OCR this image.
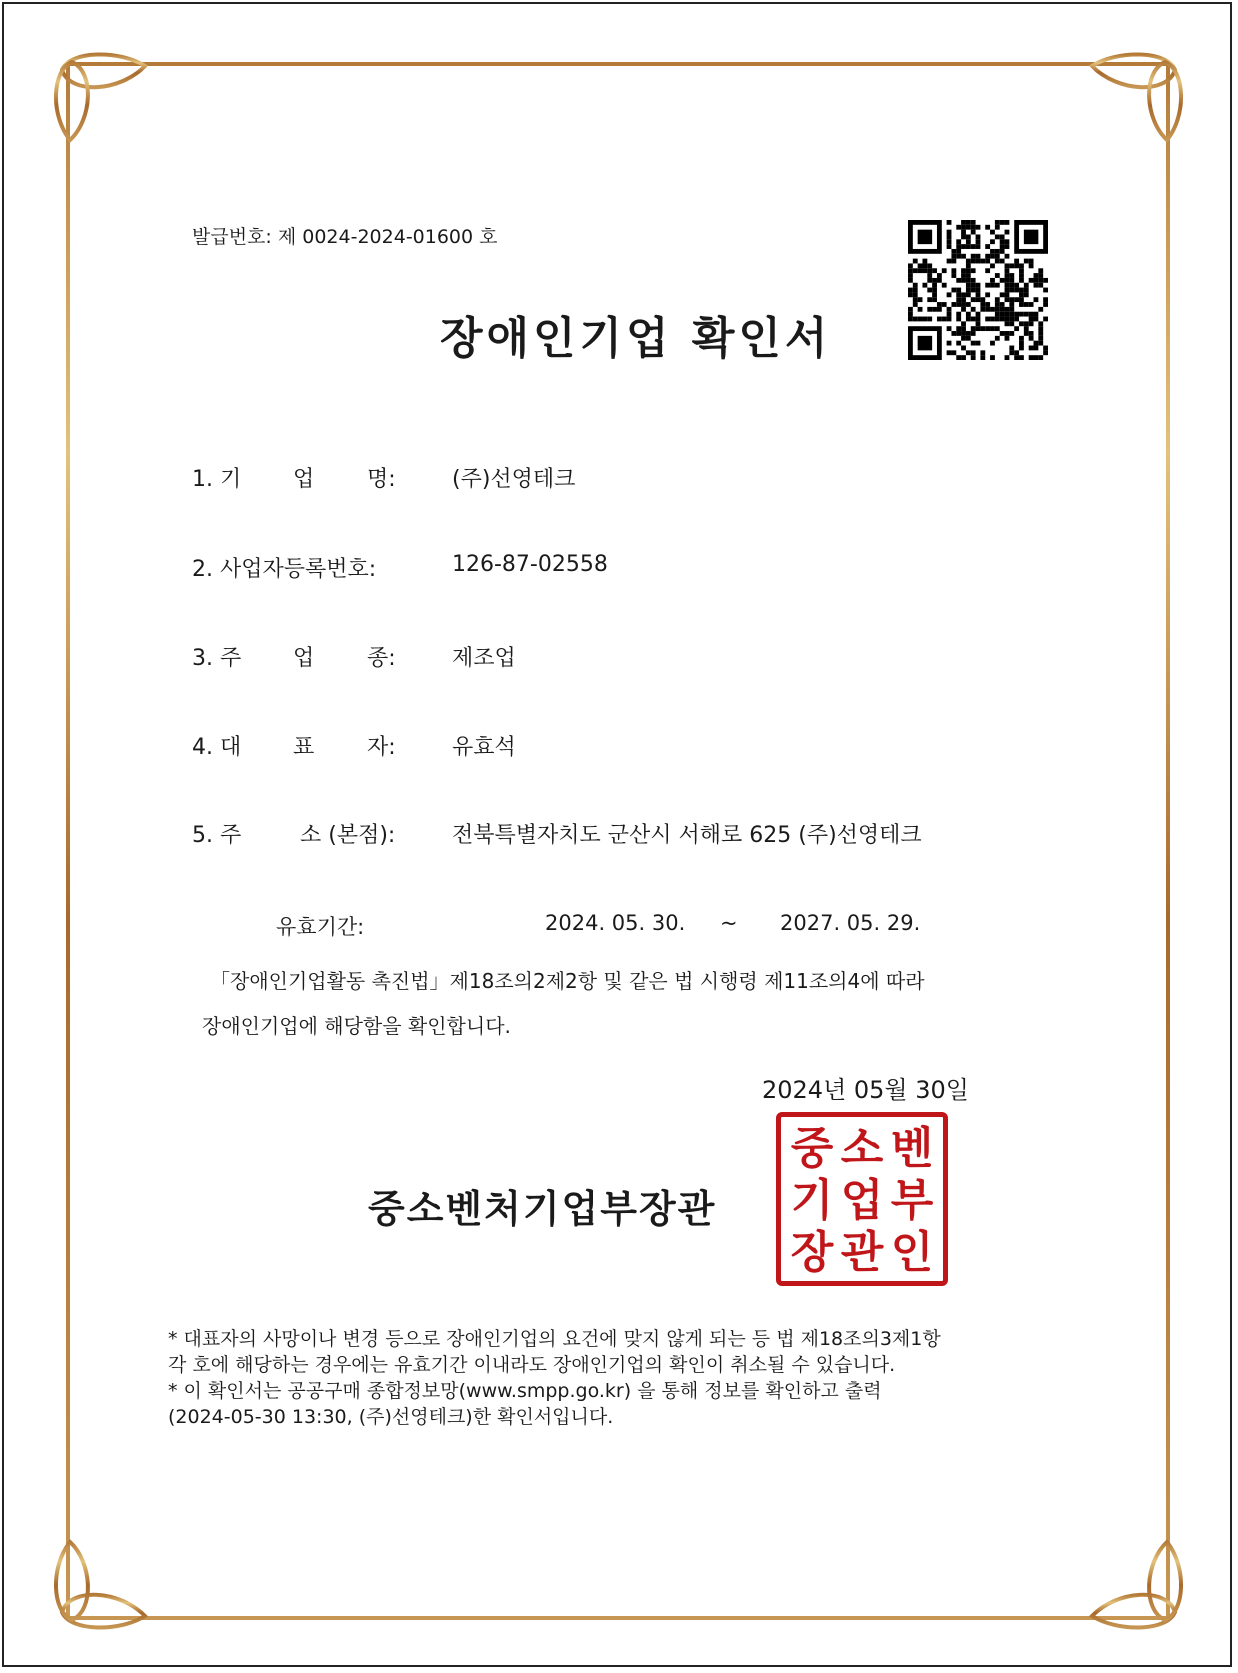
발급번호: 제 0024-2024-01600 호
장애인기업 확인서
1. 기 업 명:	(주)선영테크
2. 사업자등록번호:	126-87-02558
3. 주 업 종:	제조업
4. 대 표 자:	유효석
5. 주	소 (본점):	전북특별자치도 군산시 서해로 625 (주)선영테크
유효기간:	2024. 05. 30. ~ 2027. 05. 29.
「장애인기업활동 촉진법」제18조의2제2항 및 같은 법 시행령 제11조의4에 따라
장애인기업에 해당함을 확인합니다.
2024년 05월 30일
중소벤처기업부장관
중 소 벤
기 업 부
장 관 인

* 대표자의 사망이나 변경 등으로 장애인기업의 요건에 맞지 않게 되는 등 법 제18조의3제1항

각 호에 해당하는 경우에는 유효기간 이내라도 장애인기업의 확인이 취소될 수 있습니다.

* 이 확인서는 공공구매 종합정보망(www.smpp.go.kr) 을 통해 정보를 확인하고 출력

(2024-05-30 13:30, (주)선영테크)한 확인서입니다.
